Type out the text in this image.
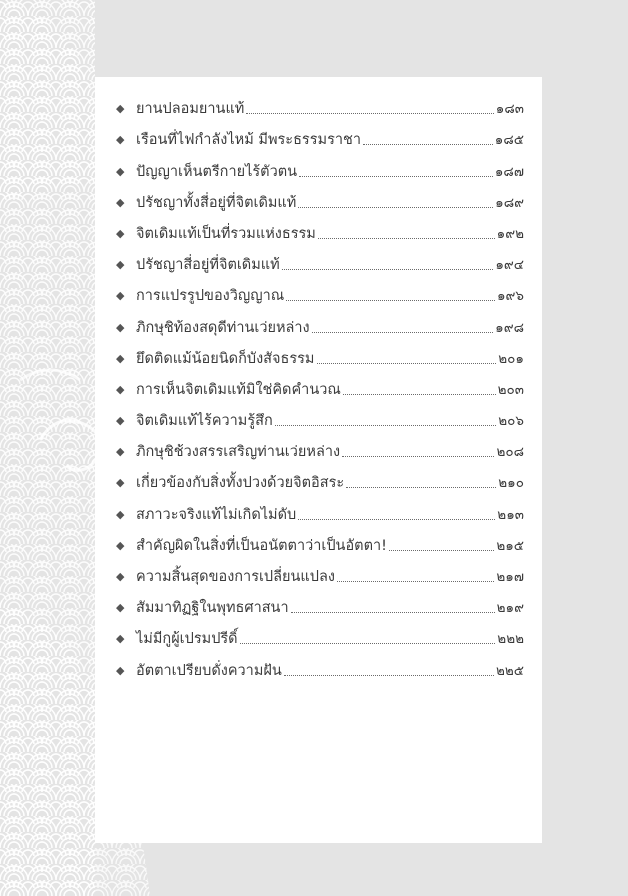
◆ ยานปลอมยานแท้	๑๘๓
◆ เรือนที่ไฟกำลังไหม้ มีพระธรรมราชา	๑๘๕
◆ ปัญญาเห็นตรีกายไร้ตัวตน	๑๘๗
◆ ปรัชญาทั้งสี่อยู่ที่จิตเดิมแท้	๑๘๙
◆ จิตเดิมแท้เป็นที่รวมแห่งธรรม	๑๙๒
◆ ปรัชญาสี่อยู่ที่จิตเดิมแท้	๑๙๔
◆ การแปรรูปของวิญญาณ	๑๙๖
◆ ภิกษุชิท้องสดุดีท่านเว่ยหล่าง	๑๙๘
◆ ยึดติดแม้น้อยนิดก็บังสัจธรรม	๒๐๑
◆ การเห็นจิตเดิมแท้มิใช่คิดคำนวณ	๒๐๓
◆ จิตเดิมแท้ไร้ความรู้สึก	๒๐๖
◆ ภิกษุชิช้วงสรรเสริญท่านเว่ยหล่าง	๒๐๘
◆ เกี่ยวข้องกับสิ่งทั้งปวงด้วยจิตอิสระ	๒๑๐
◆ สภาวะจริงแท้ไม่เกิดไม่ดับ	๒๑๓
◆ สำคัญผิดในสิ่งที่เป็นอนัตตาว่าเป็นอัตตา!	๒๑๕
◆ ความสิ้นสุดของการเปลี่ยนแปลง	๒๑๗
◆ สัมมาทิฏฐิในพุทธศาสนา	๒๑๙
◆ ไม่มีกูผู้เปรมปรีดิ์	๒๒๒
◆ อัตตาเปรียบดั่งความฝัน	๒๒๕
